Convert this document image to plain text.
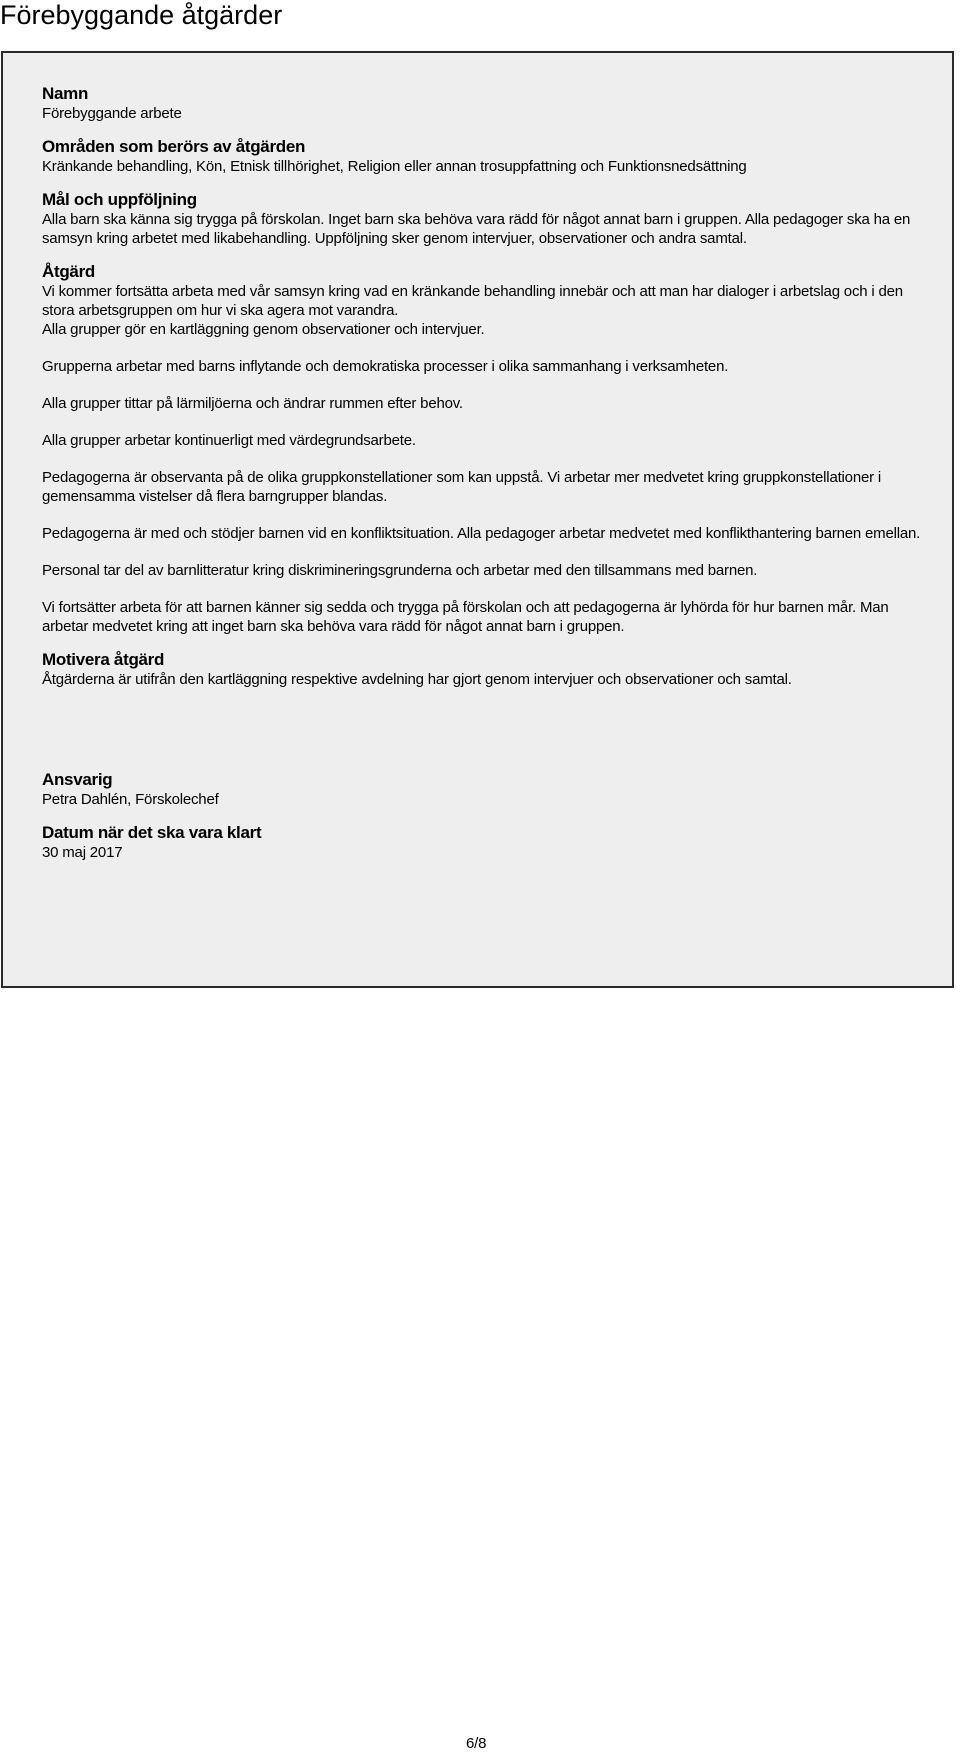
Förebyggande åtgärder

Namn

Förebyggande arbete

Områden som berörs av åtgärden

Kränkande behandling, Kön, Etnisk tillhörighet, Religion eller annan trosuppfattning och Funktionsnedsättning

Mål och uppföljning

Alla barn ska känna sig trygga på förskolan. Inget barn ska behöva vara rädd för något annat barn i gruppen. Alla pedagoger ska ha en samsyn kring arbetet med likabehandling. Uppföljning sker genom intervjuer, observationer och andra samtal.

Åtgärd

Vi kommer fortsätta arbeta med vår samsyn kring vad en kränkande behandling innebär och att man har dialoger i arbetslag och i den stora arbetsgruppen om hur vi ska agera mot varandra.

Alla grupper gör en kartläggning genom observationer och intervjuer.

Grupperna arbetar med barns inflytande och demokratiska processer i olika sammanhang i verksamheten.

Alla grupper tittar på lärmiljöerna och ändrar rummen efter behov.

Alla grupper arbetar kontinuerligt med värdegrundsarbete.

Pedagogerna är observanta på de olika gruppkonstellationer som kan uppstå. Vi arbetar mer medvetet kring gruppkonstellationer i gemensamma vistelser då flera barngrupper blandas.

Pedagogerna är med och stödjer barnen vid en konfliktsituation. Alla pedagoger arbetar medvetet med konflikthantering barnen emellan.

Personal tar del av barnlitteratur kring diskrimineringsgrunderna och arbetar med den tillsammans med barnen.

Vi fortsätter arbeta för att barnen känner sig sedda och trygga på förskolan och att pedagogerna är lyhörda för hur barnen mår. Man arbetar medvetet kring att inget barn ska behöva vara rädd för något annat barn i gruppen.

Motivera åtgärd

Åtgärderna är utifrån den kartläggning respektive avdelning har gjort genom intervjuer och observationer och samtal.

Ansvarig

Petra Dahlén, Förskolechef

Datum när det ska vara klart

30 maj 2017

6/8
